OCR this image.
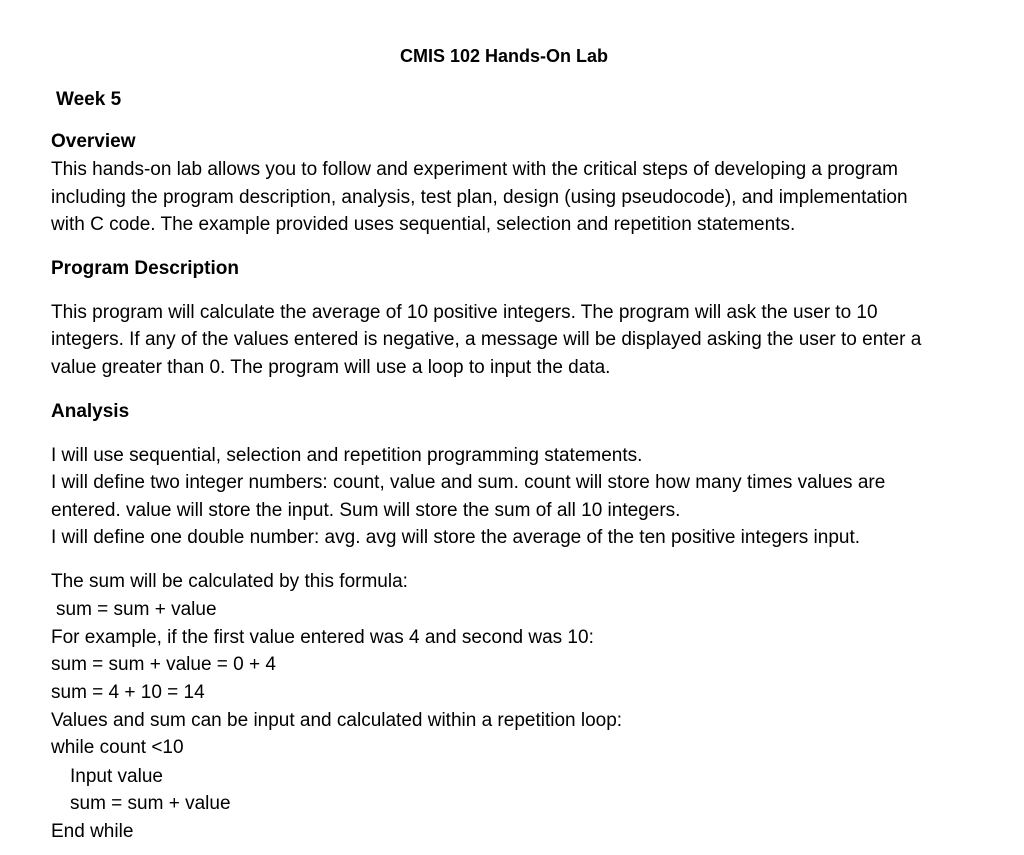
CMIS 102 Hands-On Lab
Week 5
Overview
This hands-on lab allows you to follow and experiment with the critical steps of developing a program
including the program description, analysis, test plan, design (using pseudocode), and implementation
with C code. The example provided uses sequential, selection and repetition statements.
Program Description
This program will calculate the average of 10 positive integers. The program will ask the user to 10
integers. If any of the values entered is negative, a message will be displayed asking the user to enter a
value greater than 0. The program will use a loop to input the data.
Analysis
I will use sequential, selection and repetition programming statements.
I will define two integer numbers: count, value and sum. count will store how many times values are
entered. value will store the input. Sum will store the sum of all 10 integers.
I will define one double number: avg. avg will store the average of the ten positive integers input.
The sum will be calculated by this formula:
sum = sum + value
For example, if the first value entered was 4 and second was 10:
sum = sum + value = 0 + 4
sum = 4 + 10 = 14
Values and sum can be input and calculated within a repetition loop:
while count <10
Input value
sum = sum + value
End while
